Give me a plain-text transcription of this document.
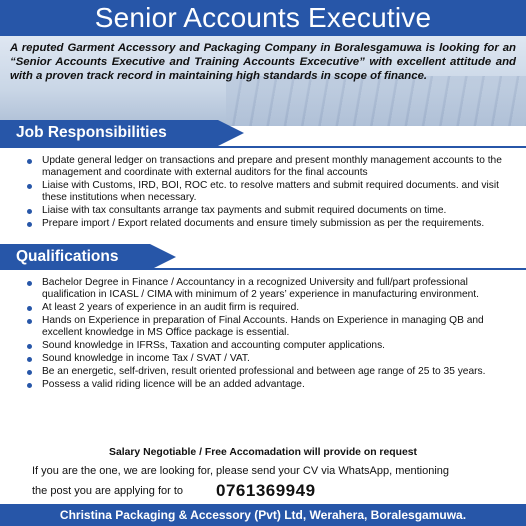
Senior Accounts Executive
A reputed Garment Accessory and Packaging Company in Boralesgamuwa is looking for an “Senior Accounts Executive and Training Accounts Excecutive” with excellent attitude and with a proven track record in maintaining high standards in scope of finance.
Job Responsibilities
Update general ledger on transactions and prepare and present monthly management accounts to the management and coordinate with external auditors for the final accounts
Liaise with Customs, IRD, BOI, ROC etc. to resolve matters and submit required documents. and visit these institutions when necessary.
Liaise with tax consultants arrange tax payments and submit required documents on time.
Prepare import / Export related documents and ensure timely submission as per the requirements.
Qualifications
Bachelor Degree in Finance / Accountancy in a recognized University and full/part professional qualification in ICASL / CIMA with minimum of 2 years’ experience in manufacturing environment.
At least 2 years of experience in an audit firm is required.
Hands on Experience in preparation of Final Accounts. Hands on Experience in managing QB and excellent knowledge in MS Office package is essential.
Sound knowledge in IFRSs, Taxation and accounting computer applications.
Sound knowledge in income Tax / SVAT / VAT.
Be an energetic, self-driven, result oriented professional and between age range of 25 to 35 years.
Possess a valid riding licence will be an added advantage.
Salary Negotiable / Free Accomadation will provide on request
If you are the one, we are looking for, please send your CV via WhatsApp, mentioning
the post you are applying for to 0761369949
Christina Packaging & Accessory (Pvt) Ltd, Werahera, Boralesgamuwa.
